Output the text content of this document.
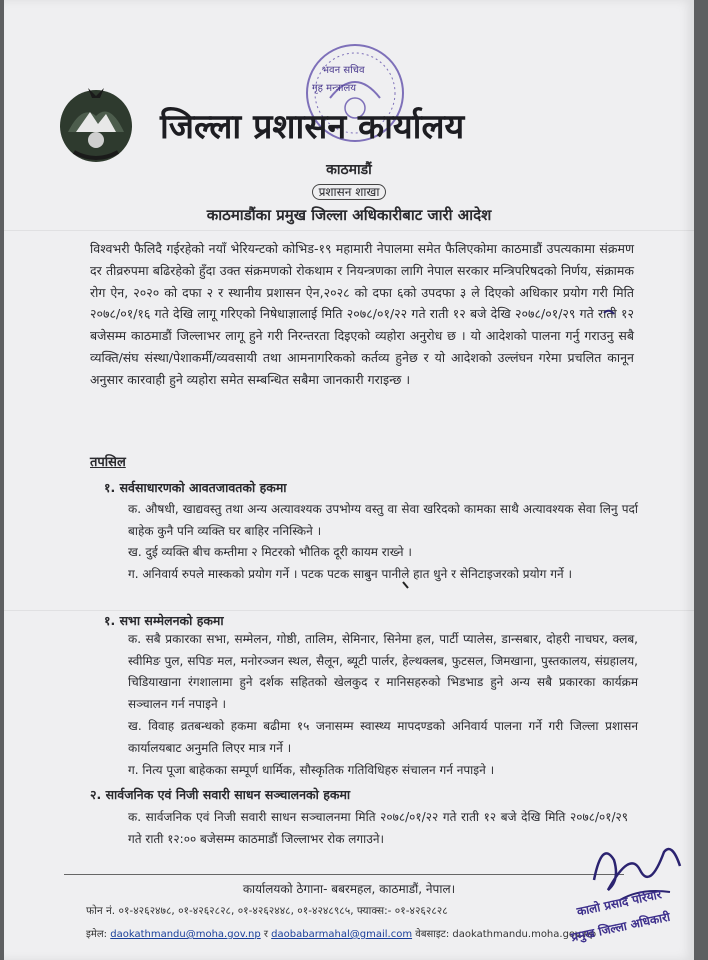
भवन सचिव
गृह मन्त्रालय
जिल्ला प्रशासन कार्यालय
काठमाडौं
प्रशासन शाखा
काठमाडौंका प्रमुख जिल्ला अधिकारीबाट जारी आदेश
विश्वभरी फैलिदै गईरहेको नयाँ भेरियन्टको कोभिड-१९ महामारी नेपालमा समेत फैलिएकोमा काठमाडौं उपत्यकामा संक्रमण दर तीव्ररुपमा बढिरहेको हुँदा उक्त संक्रमणको रोकथाम र नियन्त्रणका लागि नेपाल सरकार मन्त्रिपरिषदको निर्णय, संक्रामक रोग ऐन, २०२० को दफा २ र स्थानीय प्रशासन ऐन,२०२८ को दफा ६को उपदफा ३ ले दिएको अधिकार प्रयोग गरी मिति २०७८/०१/१६ गते देखि लागू गरिएको निषेधाज्ञालाई मिति २०७८/०१/२२ गते राती १२ बजे देखि २०७८/०१/२९ गते राती १२ बजेसम्म काठमाडौं जिल्लाभर लागू हुने गरी निरन्तरता दिइएको व्यहोरा अनुरोध छ । यो आदेशको पालना गर्नु गराउनु सबै व्यक्ति/संघ संस्था/पेशाकर्मी/व्यवसायी तथा आमनागरिकको कर्तव्य हुनेछ र यो आदेशको उल्लंघन गरेमा प्रचलित कानून अनुसार कारवाही हुने व्यहोरा समेत सम्बन्धित सबैमा जानकारी गराइन्छ ।
तपसिल
१. सर्वसाधारणको आवतजावतको हकमा
क. औषधी, खाद्यवस्तु तथा अन्य अत्यावश्यक उपभोग्य वस्तु वा सेवा खरिदको कामका साथै अत्यावश्यक सेवा लिनु पर्दा बाहेक कुनै पनि व्यक्ति घर बाहिर ननिस्किने ।
ख. दुई व्यक्ति बीच कम्तीमा २ मिटरको भौतिक दूरी कायम राख्ने ।
ग. अनिवार्य रुपले मास्कको प्रयोग गर्ने । पटक पटक साबुन पानीले हात धुने र सेनिटाइजरको प्रयोग गर्ने ।
१. सभा सम्मेलनको हकमा
क. सबै प्रकारका सभा, सम्मेलन, गोष्ठी, तालिम, सेमिनार, सिनेमा हल, पार्टी प्यालेस, डान्सबार, दोहरी नाचघर, क्लब, स्वीमिङ पुल, सपिङ मल, मनोरञ्जन स्थल, सैलून, ब्यूटी पार्लर, हेल्थक्लब, फुटसल, जिमखाना, पुस्तकालय, संग्रहालय, चिडियाखाना रंगशालामा हुने दर्शक सहितको खेलकुद र मानिसहरुको भिडभाड हुने अन्य सबै प्रकारका कार्यक्रम सञ्चालन गर्न नपाइने ।
ख. विवाह व्रतबन्धको हकमा बढीमा १५ जनासम्म स्वास्थ्य मापदण्डको अनिवार्य पालना गर्ने गरी जिल्ला प्रशासन कार्यालयबाट अनुमति लिएर मात्र गर्ने ।
ग. नित्य पूजा बाहेकका सम्पूर्ण धार्मिक, सौस्कृतिक गतिविधिहरु संचालन गर्न नपाइने ।
२. सार्वजनिक एवं निजी सवारी साधन सञ्चालनको हकमा
क. सार्वजनिक एवं निजी सवारी साधन सञ्चालनमा मिति २०७८/०१/२२ गते राती १२ बजे देखि मिति २०७८/०१/२९ गते राती १२:०० बजेसम्म काठमाडौं जिल्लाभर रोक लगाउने।
कार्यालयको ठेगाना- बबरमहल, काठमाडौं, नेपाल।
फोन नं. ०१-४२६२४७८, ०१-४२६२८२८, ०१-४२६२४४८, ०१-४२४८९८५, फ्याक्स:- ०१-४२६२८२८
इमेल: daokathmandu@moha.gov.np र daobabarmahal@gmail.com वेबसाइट: daokathmandu.moha.gov.np
कालो प्रसाद परियार
प्रमुख जिल्ला अधिकारी
